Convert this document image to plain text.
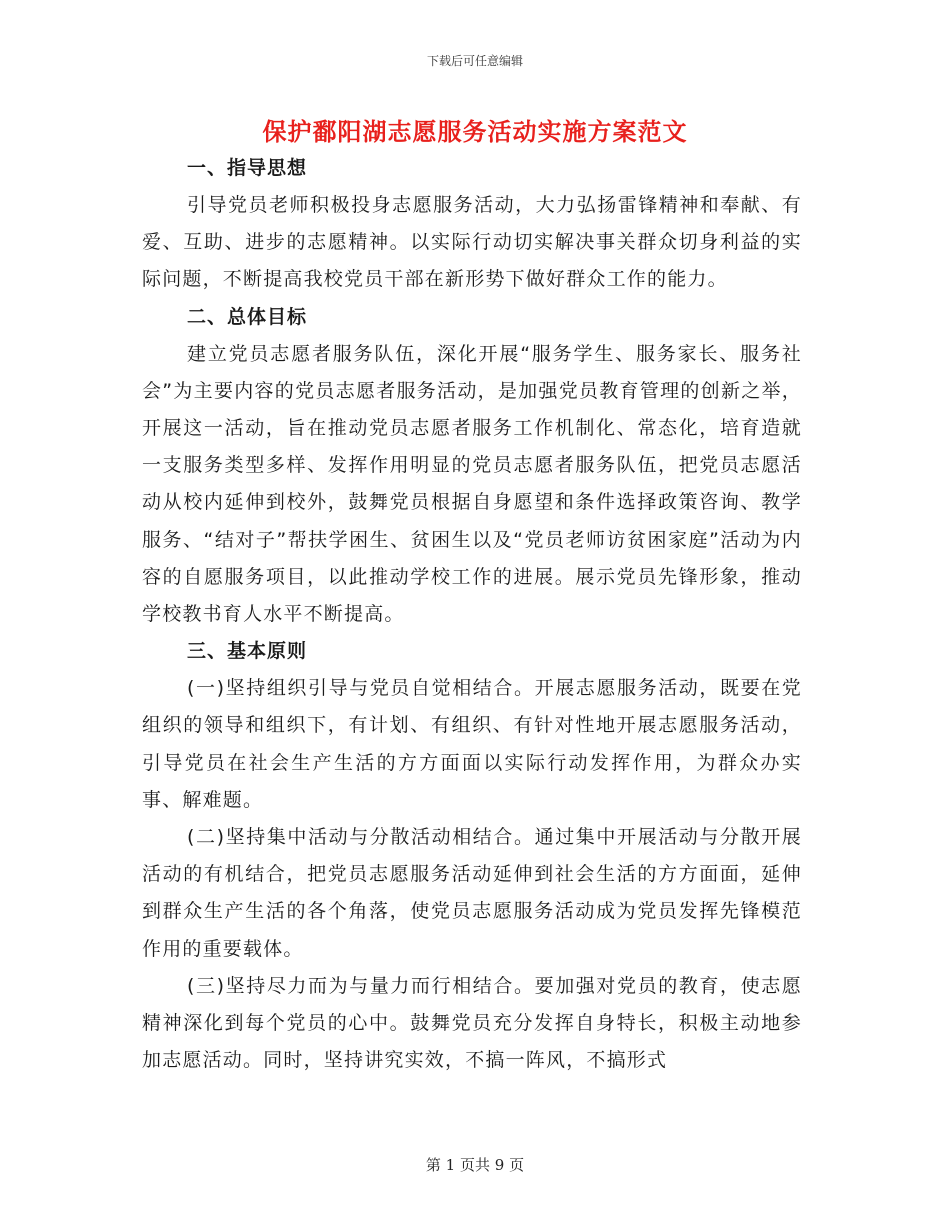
下载后可任意编辑
保护鄱阳湖志愿服务活动实施方案范文
一、指导思想

引导党员老师积极投身志愿服务活动，大力弘扬雷锋精神和奉献、有爱、互助、进步的志愿精神。以实际行动切实解决事关群众切身利益的实际问题，不断提高我校党员干部在新形势下做好群众工作的能力。

二、总体目标

建立党员志愿者服务队伍，深化开展“服务学生、服务家长、服务社会”为主要内容的党员志愿者服务活动，是加强党员教育管理的创新之举，开展这一活动，旨在推动党员志愿者服务工作机制化、常态化，培育造就一支服务类型多样、发挥作用明显的党员志愿者服务队伍，把党员志愿活动从校内延伸到校外，鼓舞党员根据自身愿望和条件选择政策咨询、教学服务、“结对子”帮扶学困生、贫困生以及“党员老师访贫困家庭”活动为内容的自愿服务项目，以此推动学校工作的进展。展示党员先锋形象，推动学校教书育人水平不断提高。

三、基本原则

(一)坚持组织引导与党员自觉相结合。开展志愿服务活动，既要在党组织的领导和组织下，有计划、有组织、有针对性地开展志愿服务活动，引导党员在社会生产生活的方方面面以实际行动发挥作用，为群众办实事、解难题。

(二)坚持集中活动与分散活动相结合。通过集中开展活动与分散开展活动的有机结合，把党员志愿服务活动延伸到社会生活的方方面面，延伸到群众生产生活的各个角落，使党员志愿服务活动成为党员发挥先锋模范作用的重要载体。

(三)坚持尽力而为与量力而行相结合。要加强对党员的教育，使志愿精神深化到每个党员的心中。鼓舞党员充分发挥自身特长，积极主动地参加志愿活动。同时，坚持讲究实效，不搞一阵风，不搞形式

第 1 页共 9 页
